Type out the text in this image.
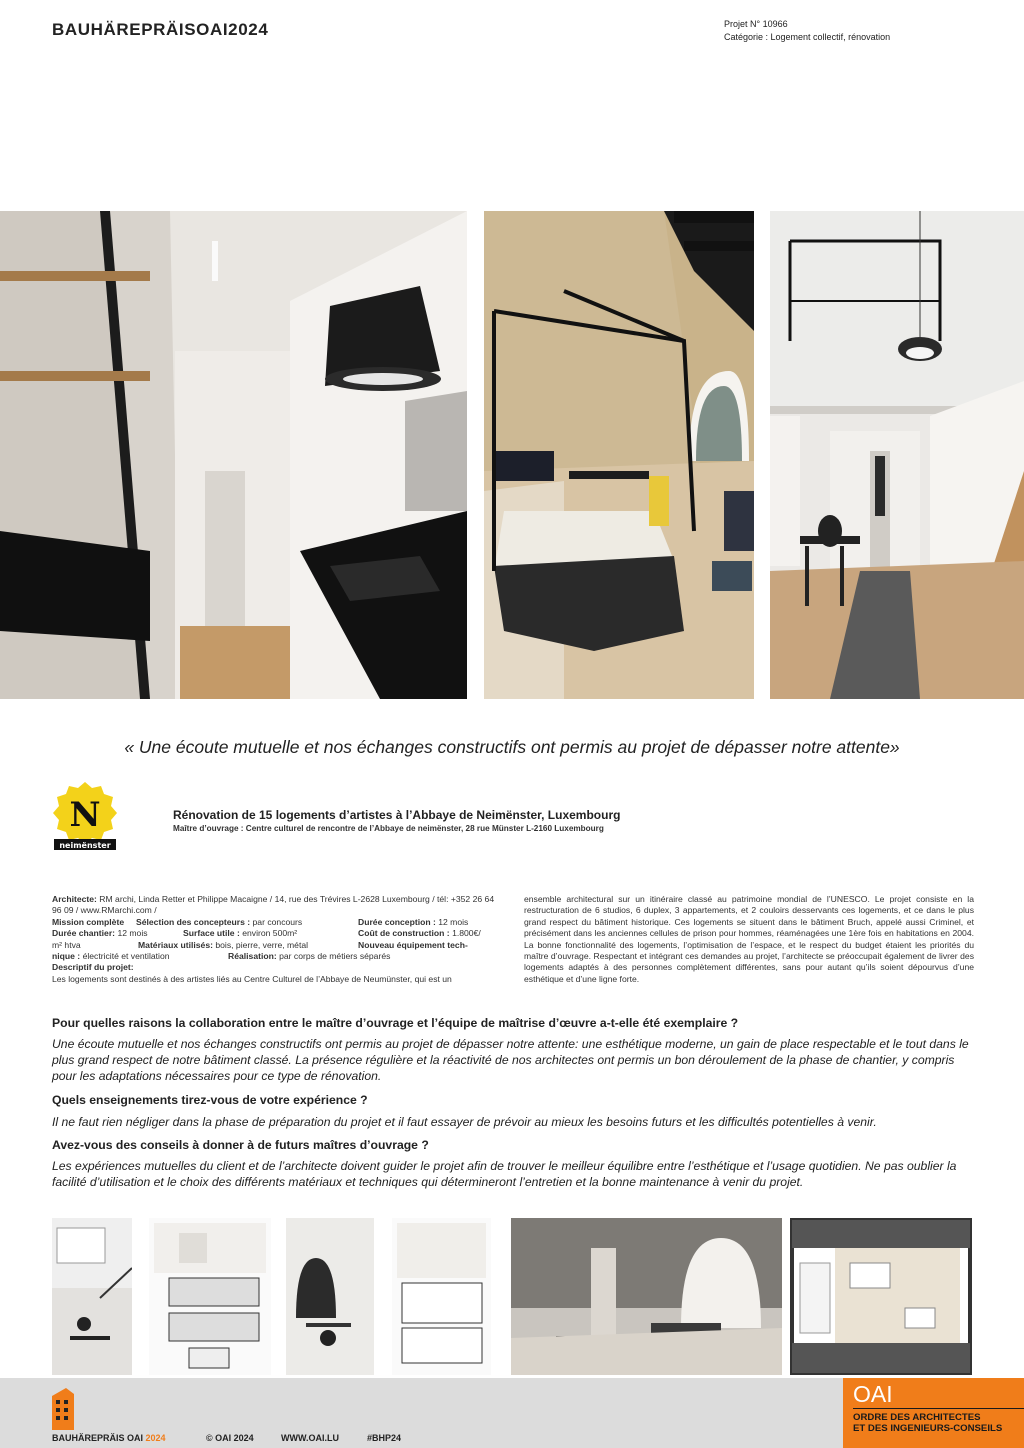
BAUHÄREPRÄISOAI2024	Projet N° 10966
Catégorie : Logement collectif, rénovation
« Une écoute mutuelle et nos échanges constructifs ont permis au projet de dépasser notre attente»
N
neimënster
Rénovation de 15 logements d’artistes à l’Abbaye de Neimënster, Luxembourg
Maître d’ouvrage : Centre culturel de rencontre de l’Abbaye de neimënster, 28 rue Münster L-2160 Luxembourg
Architecte: RM archi, Linda Retter et Philippe Macaigne / 14, rue des Trévires L-2628 Luxembourg / tél: +352 26 64 96 09 / www.RMarchi.com /
Mission complète	Sélection des concepteurs : par concours	Durée conception : 12 mois
Durée chantier: 12 mois	Surface utile : environ 500m²	Coût de construction : 1.800€/
m² htva	Matériaux utilisés: bois, pierre, verre, métal	Nouveau équipement tech-
nique : électricité et ventilation	Réalisation: par corps de métiers séparés
Descriptif du projet:
Les logements sont destinés à des artistes liés au Centre Culturel de l’Abbaye de Neumünster, qui est un
ensemble architectural sur un itinéraire classé au patrimoine mondial de l’UNESCO. Le projet consiste en la restructuration de 6 studios, 6 duplex, 3 appartements, et 2 couloirs desservants ces logements, et ce dans le plus grand respect du bâtiment historique. Ces logements se situent dans le bâtiment Bruch, appelé aussi Criminel, et précisément dans les anciennes cellules de prison pour hommes, réaménagées une 1ère fois en habitations en 2004. La bonne fonctionnalité des logements, l’optimisation de l’espace, et le respect du budget étaient les priorités du maître d’ouvrage. Respectant et intégrant ces demandes au projet, l’architecte se préoccupait également de livrer des logements adaptés à des personnes complètement différentes, sans pour autant qu’ils soient dépourvus d’une esthétique et d’une ligne forte.
Pour quelles raisons la collaboration entre le maître d’ouvrage et l’équipe de maîtrise d’œuvre a-t-elle été exemplaire ?
Une écoute mutuelle et nos échanges constructifs ont permis au projet de dépasser notre attente: une esthétique moderne, un gain de place respectable et le tout dans le plus grand respect de notre bâtiment classé. La présence régulière et la réactivité de nos architectes ont permis un bon déroulement de la phase de chantier, y compris pour les adaptations nécessaires pour ce type de rénovation.
Quels enseignements tirez-vous de votre expérience ?
Il ne faut rien négliger dans la phase de préparation du projet et il faut essayer de prévoir au mieux les besoins futurs et les difficultés potentielles à venir.
Avez-vous des conseils à donner à de futurs maîtres d’ouvrage ?
Les expériences mutuelles du client et de l’architecte doivent guider le projet afin de trouver le meilleur équilibre entre l’esthétique et l’usage quotidien. Ne pas oublier la facilité d’utilisation et le choix des différents matériaux et techniques qui détermineront l’entretien et la bonne maintenance à venir du projet.
BAUHÄREPRÄIS OAI 2024	© OAI 2024	WWW.OAI.LU	#BHP24
OAI
ORDRE DES ARCHITECTES
ET DES INGENIEURS-CONSEILS
